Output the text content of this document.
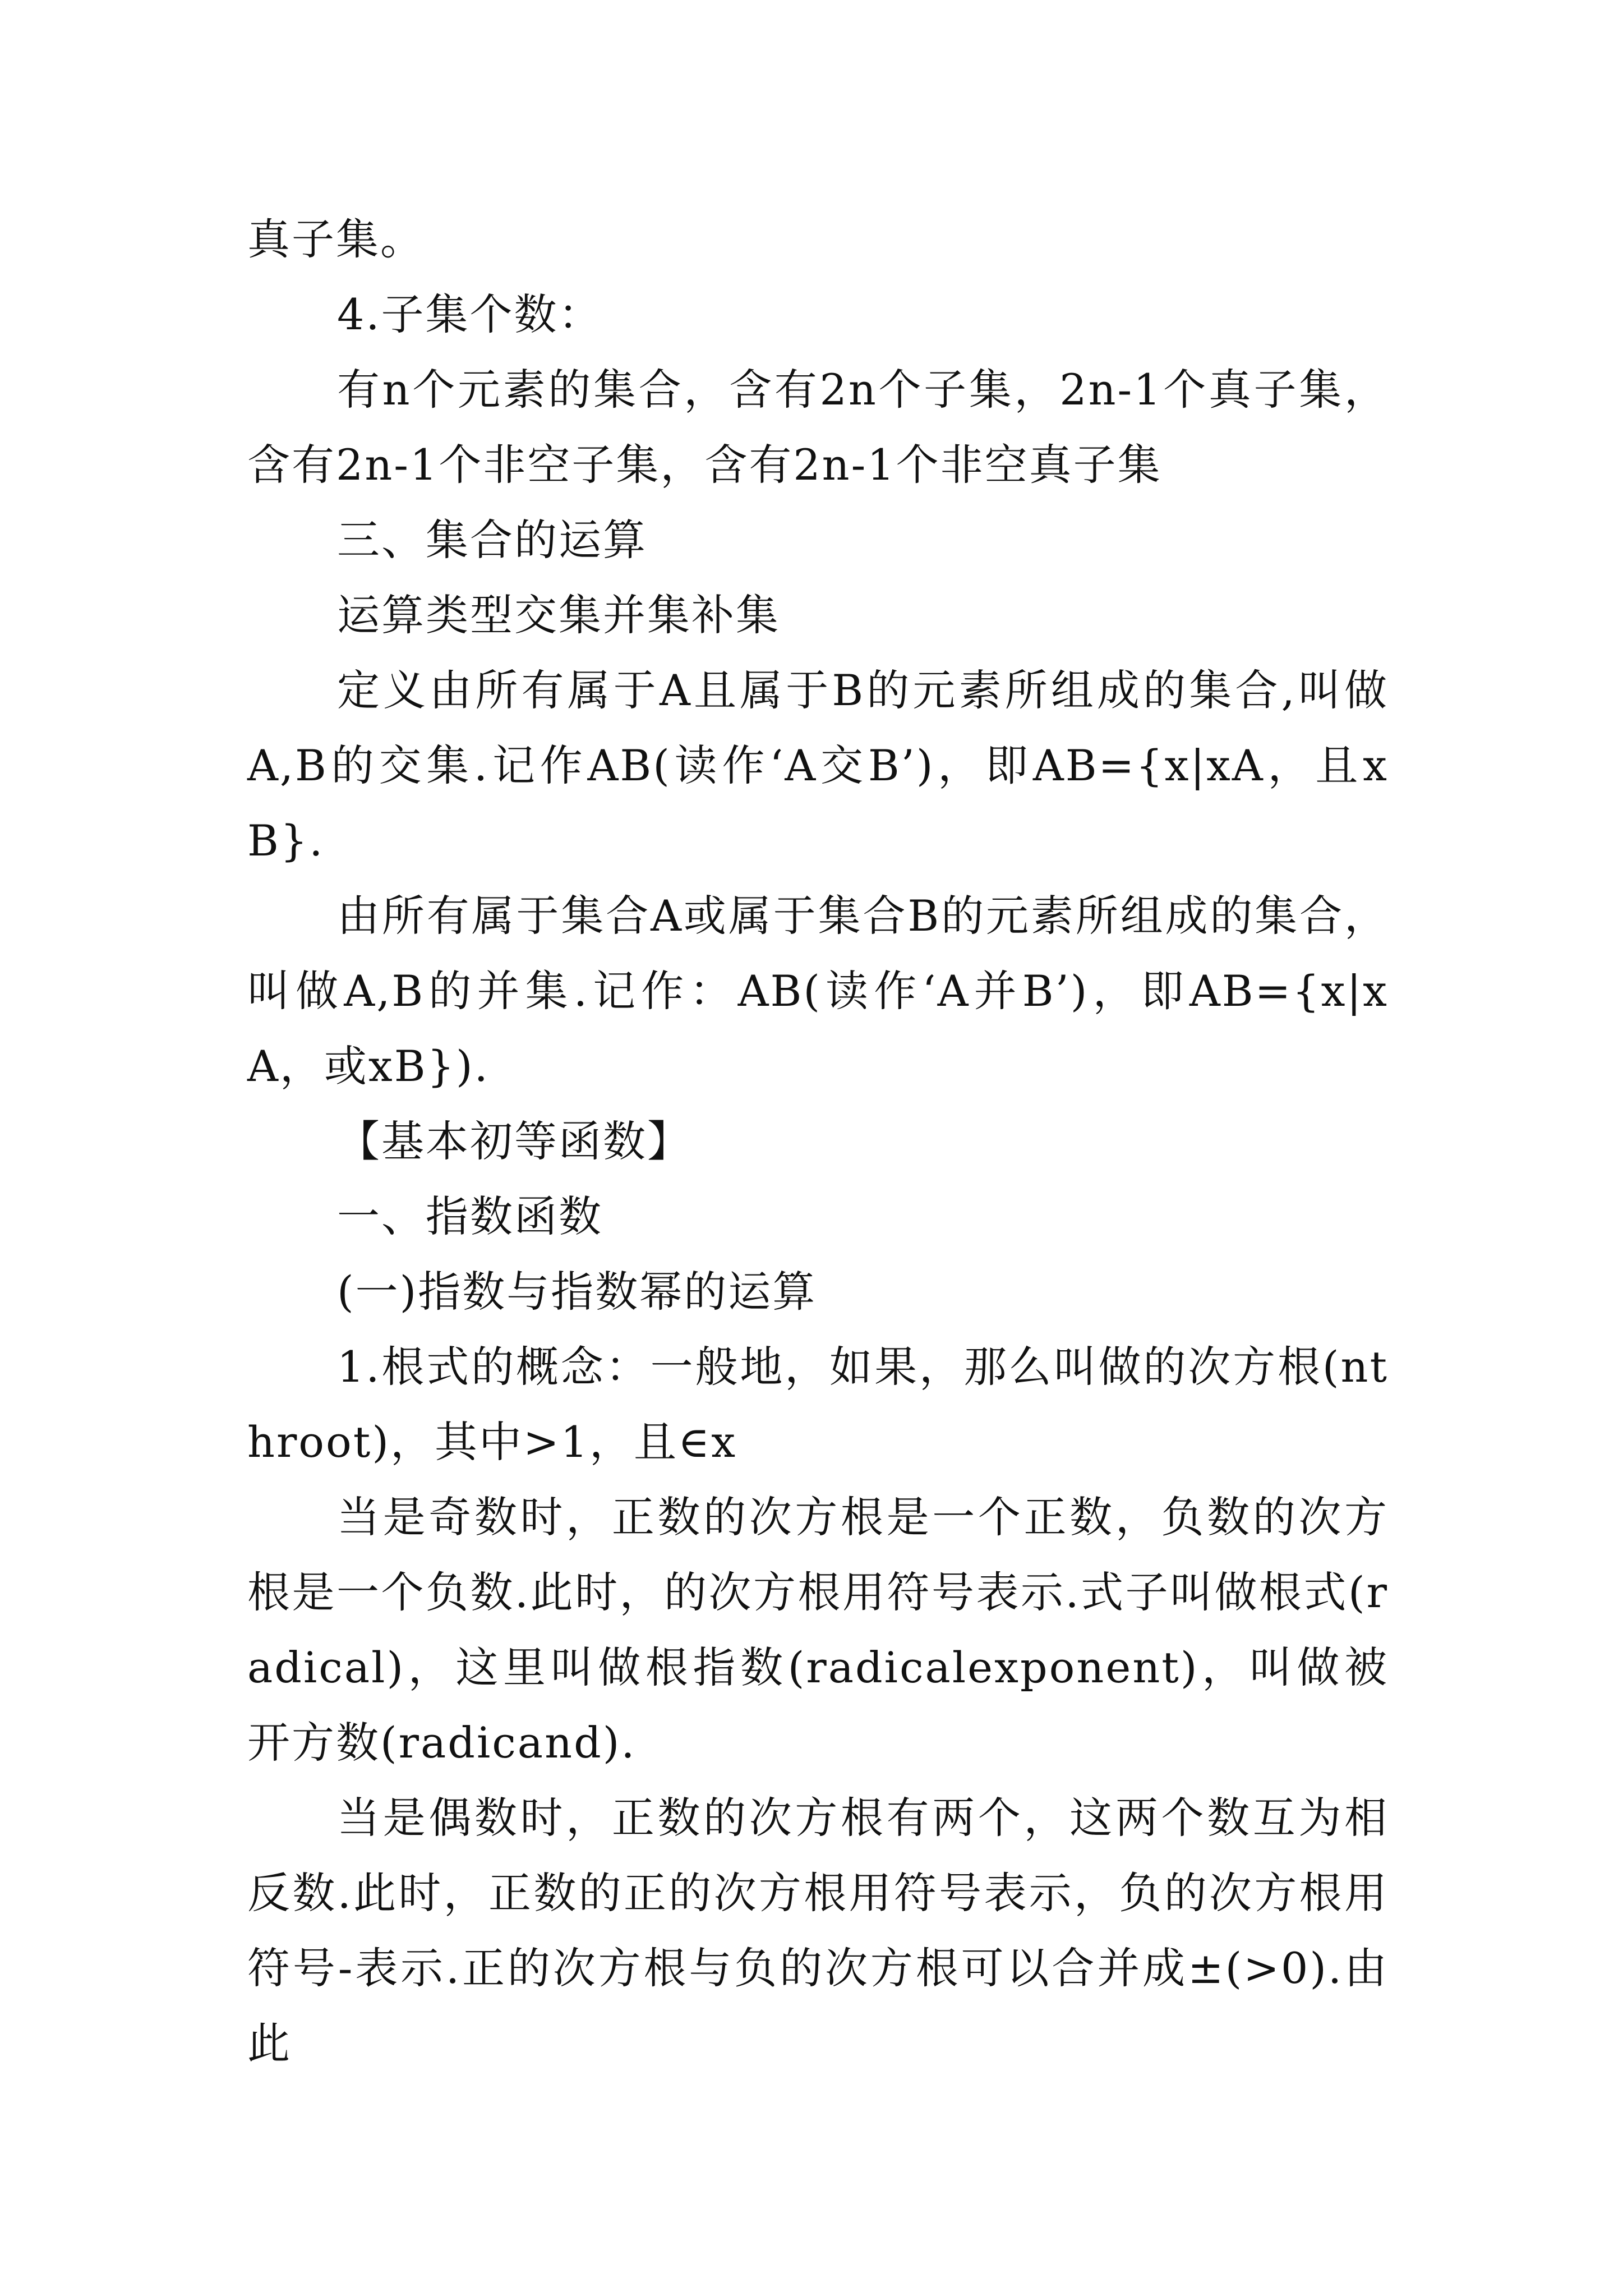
真子集。

4.子集个数：

有n个元素的集合，含有2n个子集，2n-1个真子集，含有2n-1个非空子集，含有2n-1个非空真子集

三、集合的运算

运算类型交集并集补集

定义由所有属于A且属于B的元素所组成的集合,叫做A,B的交集.记作AB(读作‘A交B’)，即AB={x|xA，且xB}.

由所有属于集合A或属于集合B的元素所组成的集合，叫做A,B的并集.记作：AB(读作‘A并B’)，即AB={x|xA，或xB}).

【基本初等函数】

一、指数函数

(一)指数与指数幂的运算

1.根式的概念：一般地，如果，那么叫做的次方根(nthroot)，其中>1，且∈x

当是奇数时，正数的次方根是一个正数，负数的次方根是一个负数.此时，的次方根用符号表示.式子叫做根式(radical)，这里叫做根指数(radicalexponent)，叫做被开方数(radicand).

当是偶数时，正数的次方根有两个，这两个数互为相反数.此时，正数的正的次方根用符号表示，负的次方根用符号-表示.正的次方根与负的次方根可以合并成±(>0).由此
